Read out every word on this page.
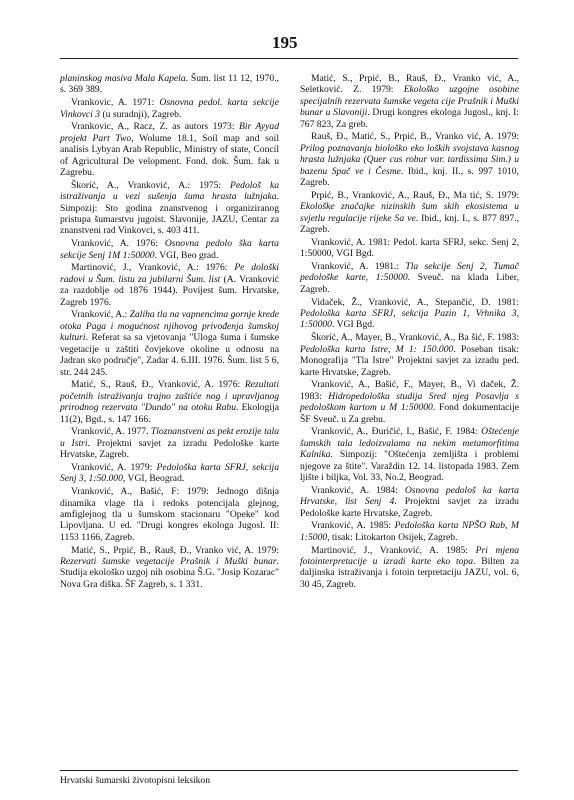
195

planinskog masiva Mala Kapela. Šum. list 11 12, 1970., s. 369 389.

Vrankovic, A. 1971: Osnovna pedol. karta sekcije Vinkovci 3 (u suradnji), Zagreb.

Vrankovic, A., Racz, Z. as autors 1973: Bir Ayyad projekt Part Two, Wolume 18.1, Soil map and soil analisis Lybyan Arab Republic, Ministry of state, Concil of Agricultural De velopment. Fond. dok. Šum. fak u Zagrebu.

Škorić, A., Vranković, A.: 1975: Pedološ ka istraživanja u vezi sušenja šuma hrasta lužnjaka. Simpozij: Sto godina znanstvenog i organiziranog pristupa šumarstvu jugoist. Slavonije, JAZU, Centar za znanstveni rad Vinkovci, s. 403 411.

Vranković, A. 1976: Osnovna pedolo ška karta sekcije Senj 1M 1:50000. VGI, Beo grad.

Martinović, J., Vranković, A.: 1976: Pe dološki radovi u Šum. listu za jubilarni Šum. list (A. Vranković za razdoblje od 1876 1944). Povijest šum. Hrvatske, Zagreb 1976.

Vranković, A.: Zaliha tla na vapnencima gornje krede otoka Paga i mogućnost njihovog privođenja šumskoj kulturi. Referat sa sa vjetovanja "Uloga šuma i šumske vegetacije u zaštiti čovjekove okoline u odnosu na Jadran sko područje", Zadar 4. 6.III. 1976. Šum. list 5 6, str. 244 245.

Matić, S., Rauš, Đ., Vranković, A. 1976: Rezultati početnih istraživanja trajno zaštiće nog i upravljanog prirodnog rezervata "Dundo" na otoku Rabu. Ekologija 11(2), Bgd., s. 147 166.

Vranković, A. 1977. Tloznanstveni as pekt erozije tala u Istri. Projektni savjet za izradu Pedološke karte Hrvatske, Zagreb.

Vranković, A. 1979: Pedološka karta SFRJ, sekcija Senj 3, 1:50.000, VGI, Beograd.

Vranković, A., Bašić, F: 1979: Jednogo dišnja dinamika vlage tla i redoks potencijala glejnog, amfiglejnog tla u šumskom stacionaru "Opeke" kod Lipovljana. U ed. "Drugi kongres ekologa Jugosl. II: 1153 1166, Zagreb.

Matić, S., Prpić, B., Rauš, Đ., Vranko vić, A. 1979: Rezervati šumske vegetacije Prašnik i Muški bunar. Studija ekološko uzgoj nih osobina Š.G. "Josip Kozarac" Nova Gra diška. ŠF Zagreb, s. 1 331.

Matić, S., Prpić, B., Rauš, Đ., Vranko vić, A., Seletković. Z. 1979: Ekološko uzgojne osobine specijalnih rezervata šumske vegeta cije Prašnik i Muški bunar u Slavoniji. Drugi kongres ekologa Jugosl., knj. I: 767 823, Za greb.

Rauš, Đ., Matić, S., Prpić, B., Vranko vić, A. 1979: Prilog poznavanju biološko eko loških svojstava kasnog hrasta lužnjaka (Quer cus robur var. tardissima Sim.) u bazenu Spač ve i Česme. Ibid., knj. II., s. 997 1010, Zagreb.

Prpić, B., Vranković, A., Rauš, Đ., Ma tić, S. 1979: Ekološke značajke nizinskih šum skih ekosistema u svjetlu regulacije rijeke Sa ve. Ibid., knj. I., s. 877 897., Zagreb.

Vranković, A. 1981: Pedol. karta SFRJ, sekc. Senj 2, 1:50000, VGI Bgd.

Vranković, A. 1981.: Tla sekcije Senj 2, Tumač pedološke karte, 1:50000. Sveuč. na klada Liber, Zagreb.

Vidaček, Ž., Vranković, A., Stepančić, D. 1981: Pedološka karta SFRJ, sekcija Pazin 1, Vrhnika 3, 1:50000. VGI Bgd.

Škorić, A., Mayer, B., Vranković, A., Ba šić, F. 1983: Pedološka karta Istre, M 1: 150.000. Poseban tisak: Monografija "Tla Istre" Projektni savjet za izradu ped. karte Hrvatske, Zagreb.

Vranković, A., Bašić, F., Mayer, B., Vi daček, Ž. 1983: Hidropedološka studija Sred njeg Posavlja s pedološkom kartom u M 1:50000. Fond dokumentacije ŠF Sveuč. u Za grebu.

Vranković, A., Đuričić, I., Bašić, F. 1984: Oštećenje šumskih tala ledoizvalama na nekim metamorfitima Kalnika. Simpozij: "Oštećenja zemljišta i problemi njegove za štite". Varaždin 12. 14. listopada 1983. Zem ljište i biljka, Vol. 33, No.2, Beograd.

Vranković, A. 1984: Osnovna pedološ ka karta Hrvatske, list Senj 4. Projektni savjet za izradu Pedološke karte Hrvatske, Zagreb.

Vranković, A. 1985: Pedološka karta NPŠO Rab, M 1:5000, tisak: Litokarton Osijek, Zagreb.

Martinović, J., Vranković, A. 1985: Pri mjena fotointerpretacije u izradi karte eko topa. Bilten za daljinska istraživanja i fotoin terpretaciju JAZU, vol. 6, 30 45, Zagreb.

Hrvatski šumarski životopisni leksikon
